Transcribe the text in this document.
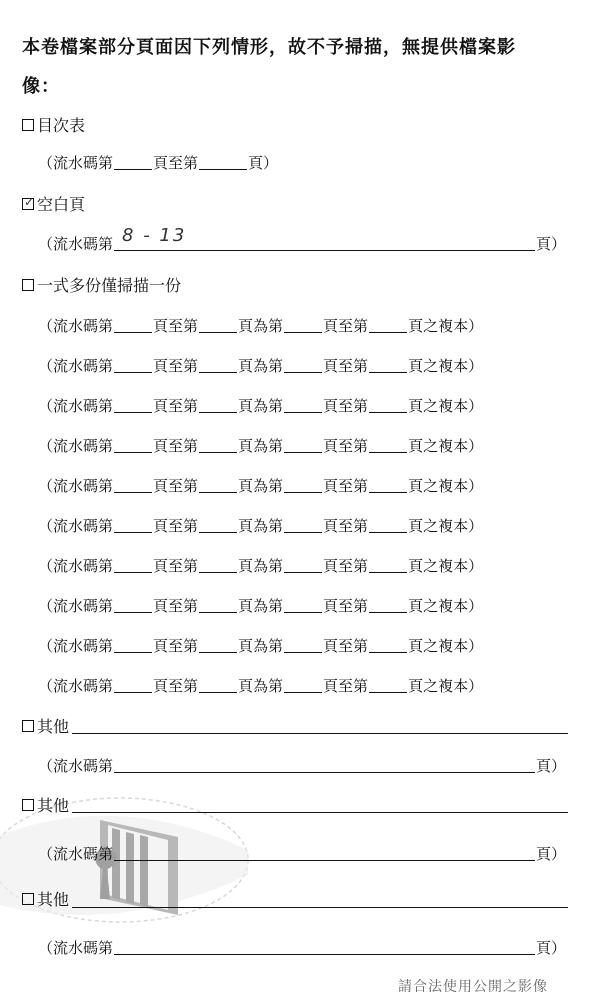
本卷檔案部分頁面因下列情形，故不予掃描，無提供檔案影
像：
目次表
（流水碼第	頁至第	頁）
✓ 空白頁
（流水碼第 8 - 13	頁）
一式多份僅掃描一份
（流水碼第	頁至第	頁為第	頁至第	頁之複本）
（流水碼第	頁至第	頁為第	頁至第	頁之複本）
（流水碼第	頁至第	頁為第	頁至第	頁之複本）
（流水碼第	頁至第	頁為第	頁至第	頁之複本）
（流水碼第	頁至第	頁為第	頁至第	頁之複本）
（流水碼第	頁至第	頁為第	頁至第	頁之複本）
（流水碼第	頁至第	頁為第	頁至第	頁之複本）
（流水碼第	頁至第	頁為第	頁至第	頁之複本）
（流水碼第	頁至第	頁為第	頁至第	頁之複本）
（流水碼第	頁至第	頁為第	頁至第	頁之複本）
其他
（流水碼第	頁）
其他
（流水碼第	頁）
其他
（流水碼第	頁）
請合法使用公開之影像
